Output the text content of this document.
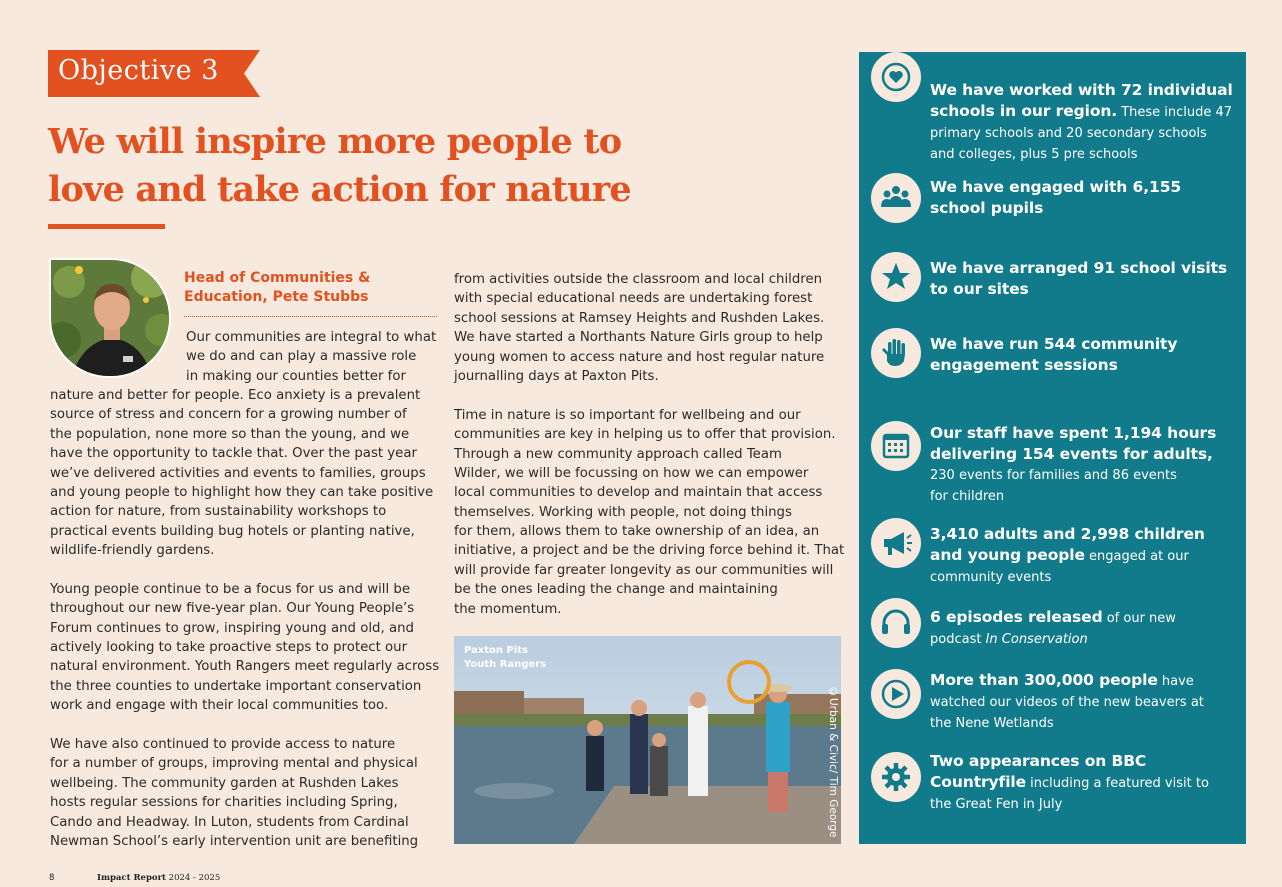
Objective 3
We will inspire more people to
love and take action for nature
Head of Communities &
Education, Pete Stubbs
Our communities are integral to what
we do and can play a massive role
in making our counties better for
nature and better for people. Eco anxiety is a prevalent
source of stress and concern for a growing number of
the population, none more so than the young, and we
have the opportunity to tackle that. Over the past year
we’ve delivered activities and events to families, groups
and young people to highlight how they can take positive
action for nature, from sustainability workshops to
practical events building bug hotels or planting native,
wildlife-friendly gardens.
Young people continue to be a focus for us and will be
throughout our new five-year plan. Our Young People’s
Forum continues to grow, inspiring young and old, and
actively looking to take proactive steps to protect our
natural environment. Youth Rangers meet regularly across
the three counties to undertake important conservation
work and engage with their local communities too.
We have also continued to provide access to nature
for a number of groups, improving mental and physical
wellbeing. The community garden at Rushden Lakes
hosts regular sessions for charities including Spring,
Cando and Headway. In Luton, students from Cardinal
Newman School’s early intervention unit are benefiting
from activities outside the classroom and local children
with special educational needs are undertaking forest
school sessions at Ramsey Heights and Rushden Lakes.
We have started a Northants Nature Girls group to help
young women to access nature and host regular nature
journalling days at Paxton Pits.
Time in nature is so important for wellbeing and our
communities are key in helping us to offer that provision.
Through a new community approach called Team
Wilder, we will be focussing on how we can empower
local communities to develop and maintain that access
themselves. Working with people, not doing things
for them, allows them to take ownership of an idea, an
initiative, a project and be the driving force behind it. That
will provide far greater longevity as our communities will
be the ones leading the change and maintaining
the momentum.
Paxton Pits
Youth Rangers
©Urban & Civic/ Tim George
8	Impact Report 2024 - 2025
We have worked with 72 individual
schools in our region. These include 47
primary schools and 20 secondary schools
and colleges, plus 5 pre schools
We have engaged with 6,155
school pupils
We have arranged 91 school visits
to our sites
We have run 544 community
engagement sessions
Our staff have spent 1,194 hours
delivering 154 events for adults,
230 events for families and 86 events
for children
3,410 adults and 2,998 children
and young people engaged at our
community events
6 episodes released of our new
podcast In Conservation
More than 300,000 people have
watched our videos of the new beavers at
the Nene Wetlands
Two appearances on BBC
Countryfile including a featured visit to
the Great Fen in July
